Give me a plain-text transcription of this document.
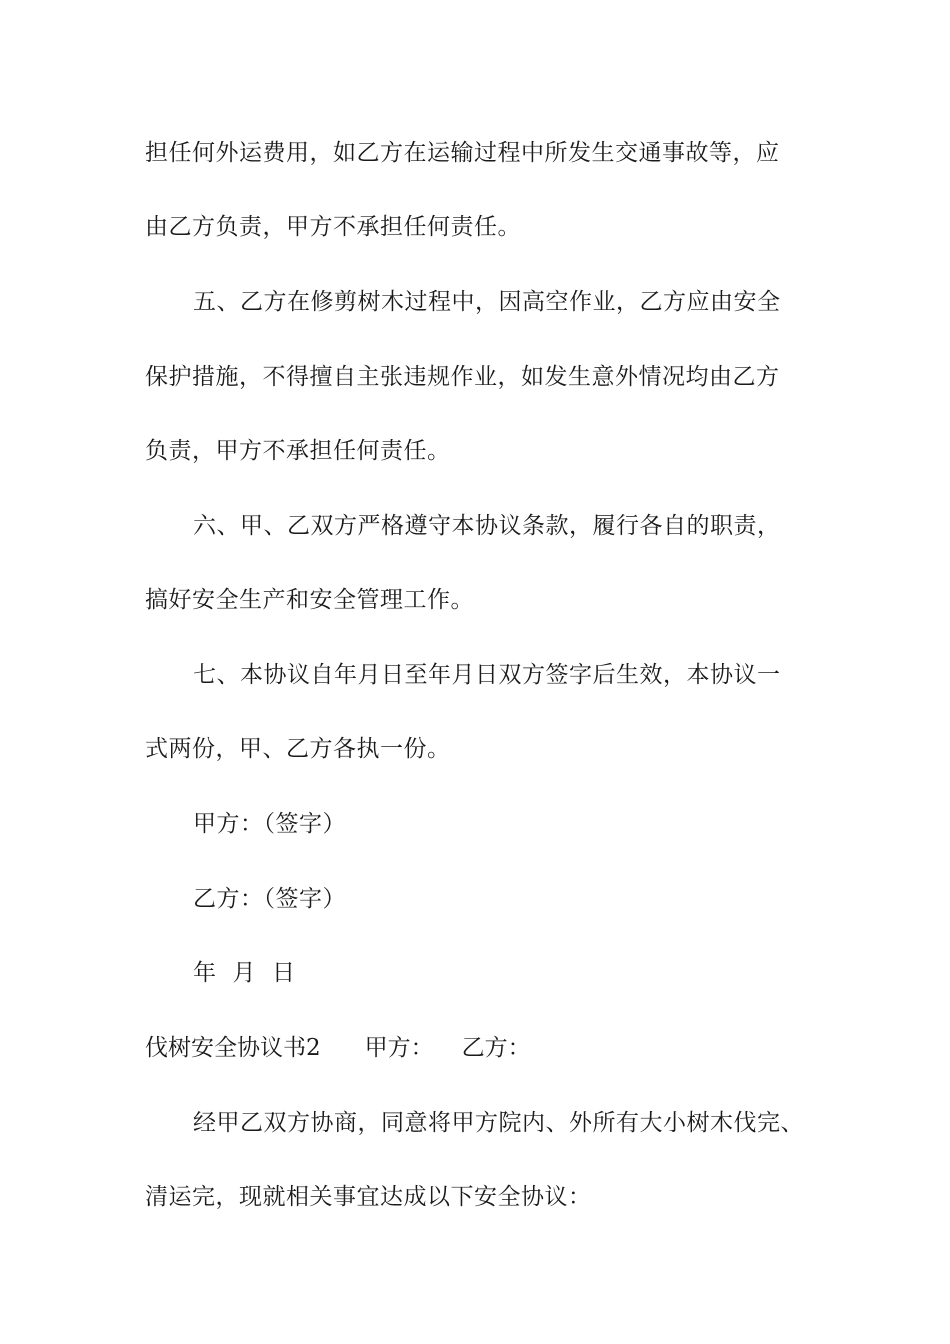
担任何外运费用，如乙方在运输过程中所发生交通事故等，应
由乙方负责，甲方不承担任何责任。
五、乙方在修剪树木过程中，因高空作业，乙方应由安全
保护措施，不得擅自主张违规作业，如发生意外情况均由乙方
负责，甲方不承担任何责任。
六、甲、乙双方严格遵守本协议条款，履行各自的职责，
搞好安全生产和安全管理工作。
七、本协议自年月日至年月日双方签字后生效，本协议一
式两份，甲、乙方各执一份。
甲方：（签字）
乙方：（签字）
年 月 日
伐树安全协议书2 甲方： 乙方：
经甲乙双方协商，同意将甲方院内、外所有大小树木伐完、
清运完，现就相关事宜达成以下安全协议：
